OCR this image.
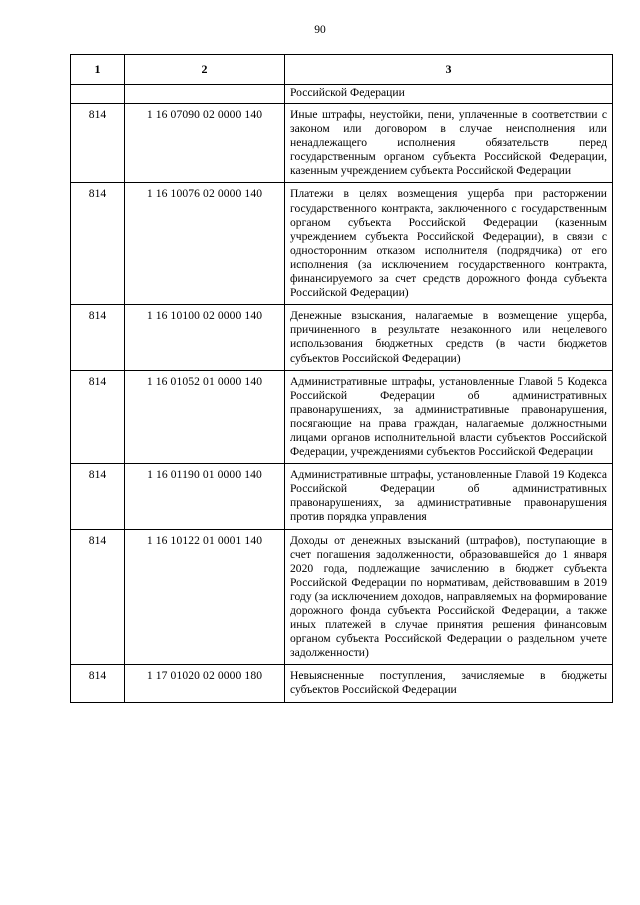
90
1	2	3
		Российской Федерации
814	1 16 07090 02 0000 140	Иные штрафы, неустойки, пени, уплаченные в соответствии с законом или договором в случае неисполнения или ненадлежащего исполнения обязательств перед государственным органом субъекта Российской Федерации, казенным учреждением субъекта Российской Федерации
814	1 16 10076 02 0000 140	Платежи в целях возмещения ущерба при расторжении государственного контракта, заключенного с государственным органом субъекта Российской Федерации (казенным учреждением субъекта Российской Федерации), в связи с односторонним отказом исполнителя (подрядчика) от его исполнения (за исключением государственного контракта, финансируемого за счет средств дорожного фонда субъекта Российской Федерации)
814	1 16 10100 02 0000 140	Денежные взыскания, налагаемые в возмещение ущерба, причиненного в результате незаконного или нецелевого использования бюджетных средств (в части бюджетов субъектов Российской Федерации)
814	1 16 01052 01 0000 140	Административные штрафы, установленные Главой 5 Кодекса Российской Федерации об административных правонарушениях, за административные правонарушения, посягающие на права граждан, налагаемые должностными лицами органов исполнительной власти субъектов Российской Федерации, учреждениями субъектов Российской Федерации
814	1 16 01190 01 0000 140	Административные штрафы, установленные Главой 19 Кодекса Российской Федерации об административных правонарушениях, за административные правонарушения против порядка управления
814	1 16 10122 01 0001 140	Доходы от денежных взысканий (штрафов), поступающие в счет погашения задолженности, образовавшейся до 1 января 2020 года, подлежащие зачислению в бюджет субъекта Российской Федерации по нормативам, действовавшим в 2019 году (за исключением доходов, направляемых на формирование дорожного фонда субъекта Российской Федерации, а также иных платежей в случае принятия решения финансовым органом субъекта Российской Федерации о раздельном учете задолженности)
814	1 17 01020 02 0000 180	Невыясненные поступления, зачисляемые в бюджеты субъектов Российской Федерации
